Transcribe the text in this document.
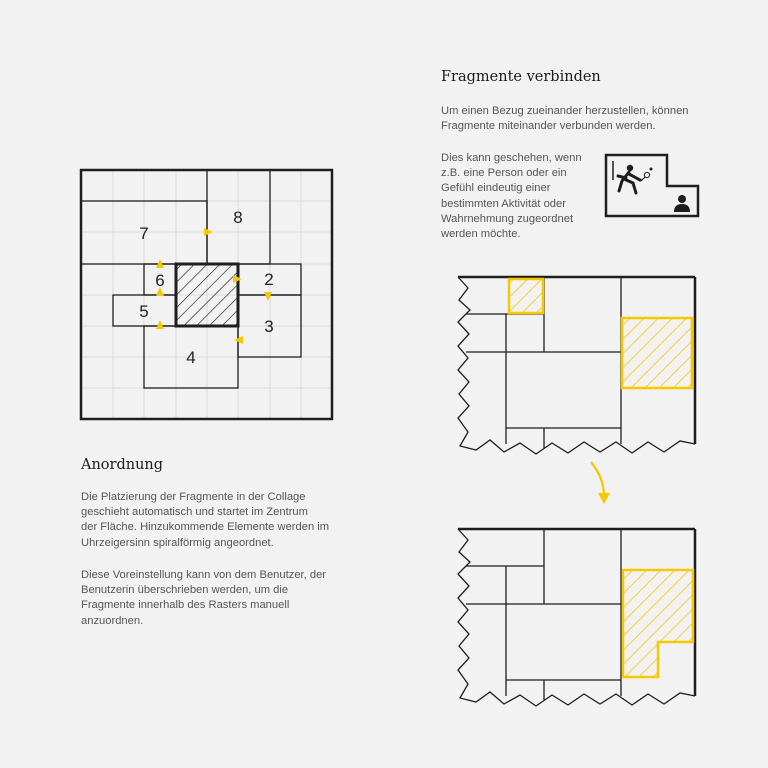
2
3
4
5
6
7
8
Fragmente verbinden

Um einen Bezug zueinander herzustellen, können
Fragmente miteinander verbunden werden.

Dies kann geschehen, wenn
z.B. eine Person oder ein
Gefühl eindeutig einer
bestimmten Aktivität oder
Wahrnehmung zugeordnet
werden möchte.

Anordnung

Die Platzierung der Fragmente in der Collage
geschieht automatisch und startet im Zentrum
der Fläche. Hinzukommende Elemente werden im
Uhrzeigersinn spiralförmig angeordnet.

Diese Voreinstellung kann von dem Benutzer, der
Benutzerin überschrieben werden, um die
Fragmente innerhalb des Rasters manuell
anzuordnen.
